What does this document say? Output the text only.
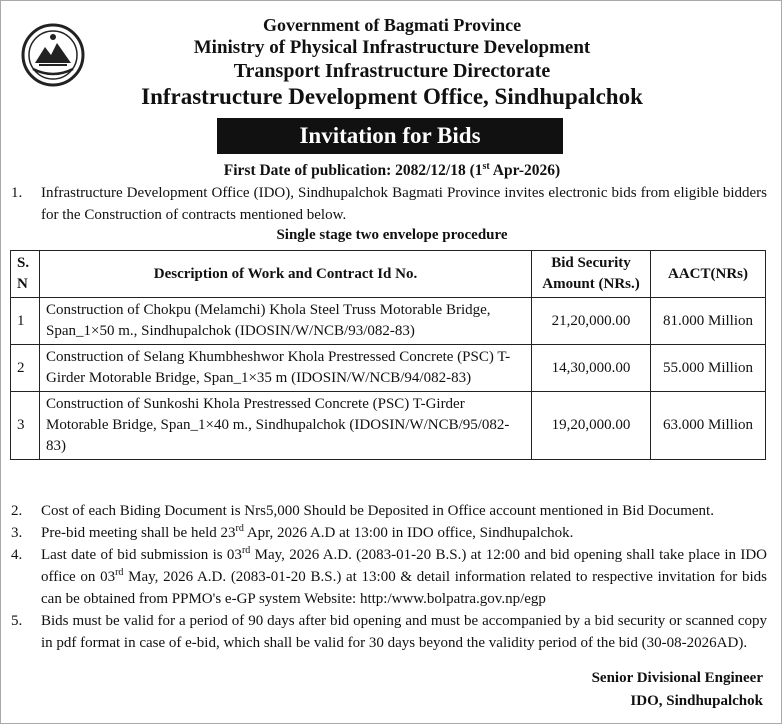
Government of Bagmati Province
Ministry of Physical Infrastructure Development
Transport Infrastructure Directorate
Infrastructure Development Office, Sindhupalchok
Invitation for Bids
First Date of publication: 2082/12/18 (1st Apr-2026)
1. Infrastructure Development Office (IDO), Sindhupalchok Bagmati Province invites electronic bids from eligible bidders for the Construction of contracts mentioned below.
Single stage two envelope procedure
S. N	Description of Work and Contract Id No.	Bid Security Amount (NRs.)	AACT(NRs)
1	Construction of Chokpu (Melamchi) Khola Steel Truss Motorable Bridge, Span_1×50 m., Sindhupalchok (IDOSIN/W/NCB/93/082-83)	21,20,000.00	81.000 Million
2	Construction of Selang Khumbheshwor Khola Prestressed Concrete (PSC) T-Girder Motorable Bridge, Span_1×35 m (IDOSIN/W/NCB/94/082-83)	14,30,000.00	55.000 Million
3	Construction of Sunkoshi Khola Prestressed Concrete (PSC) T-Girder Motorable Bridge, Span_1×40 m., Sindhupalchok (IDOSIN/W/NCB/95/082-83)	19,20,000.00	63.000 Million
2. Cost of each Biding Document is Nrs5,000 Should be Deposited in Office account mentioned in Bid Document.
3. Pre-bid meeting shall be held 23rd Apr, 2026 A.D at 13:00 in IDO office, Sindhupalchok.
4. Last date of bid submission is 03rd May, 2026 A.D. (2083-01-20 B.S.) at 12:00 and bid opening shall take place in IDO office on 03rd May, 2026 A.D. (2083-01-20 B.S.) at 13:00 & detail information related to respective invitation for bids can be obtained from PPMO's e-GP system Website: http:/www.bolpatra.gov.np/egp
5. Bids must be valid for a period of 90 days after bid opening and must be accompanied by a bid security or scanned copy in pdf format in case of e-bid, which shall be valid for 30 days beyond the validity period of the bid (30-08-2026AD).
Senior Divisional Engineer
IDO, Sindhupalchok
